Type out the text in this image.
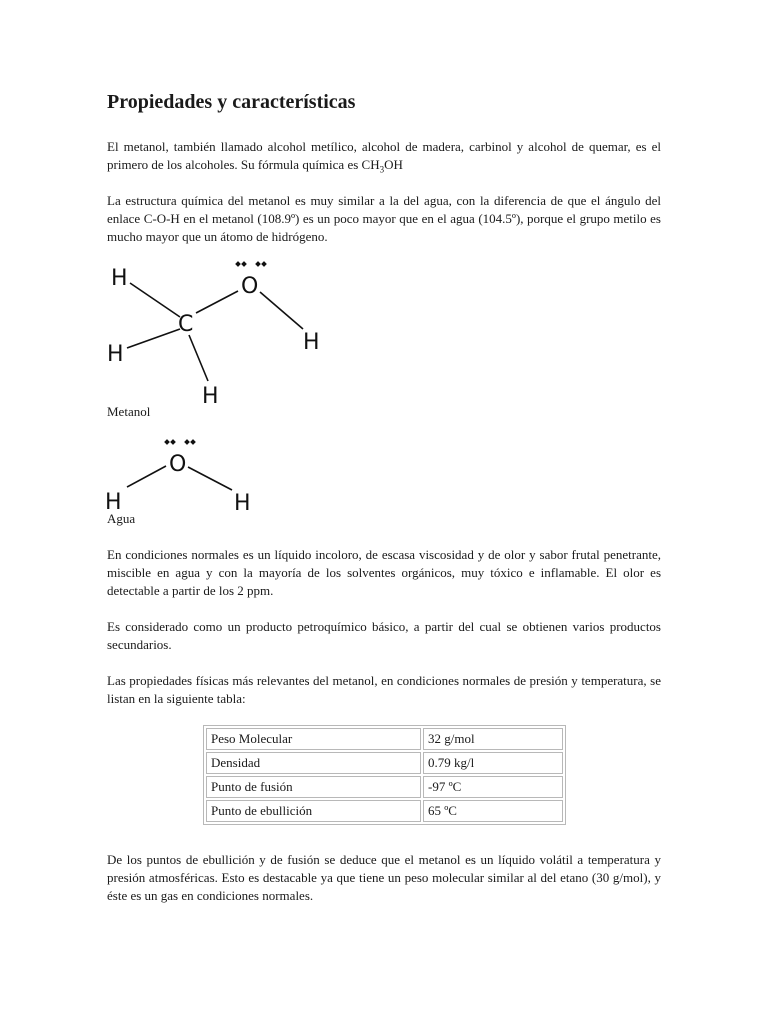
Propiedades y características

El metanol, también llamado alcohol metílico, alcohol de madera, carbinol y alcohol de quemar, es el primero de los alcoholes. Su fórmula química es $CH_3OH$

La estructura química del metanol es muy similar a la del agua, con la diferencia de que el ángulo del enlace C-O-H en el metanol (108.9º) es un poco mayor que en el agua (104.5º), porque el grupo metilo es mucho mayor que un átomo de hidrógeno.

H
C
O
H
H
H

Metanol

O
H	H

Agua

En condiciones normales es un líquido incoloro, de escasa viscosidad y de olor y sabor frutal penetrante, miscible en agua y con la mayoría de los solventes orgánicos, muy tóxico e inflamable. El olor es detectable a partir de los 2 ppm.

Es considerado como un producto petroquímico básico, a partir del cual se obtienen varios productos secundarios.

Las propiedades físicas más relevantes del metanol, en condiciones normales de presión y temperatura, se listan en la siguiente tabla:

Peso Molecular	32 g/mol
Densidad	0.79 kg/l
Punto de fusión	-97 ºC
Punto de ebullición	65 ºC

De los puntos de ebullición y de fusión se deduce que el metanol es un líquido volátil a temperatura y presión atmosféricas. Esto es destacable ya que tiene un peso molecular similar al del etano (30 g/mol), y éste es un gas en condiciones normales.
